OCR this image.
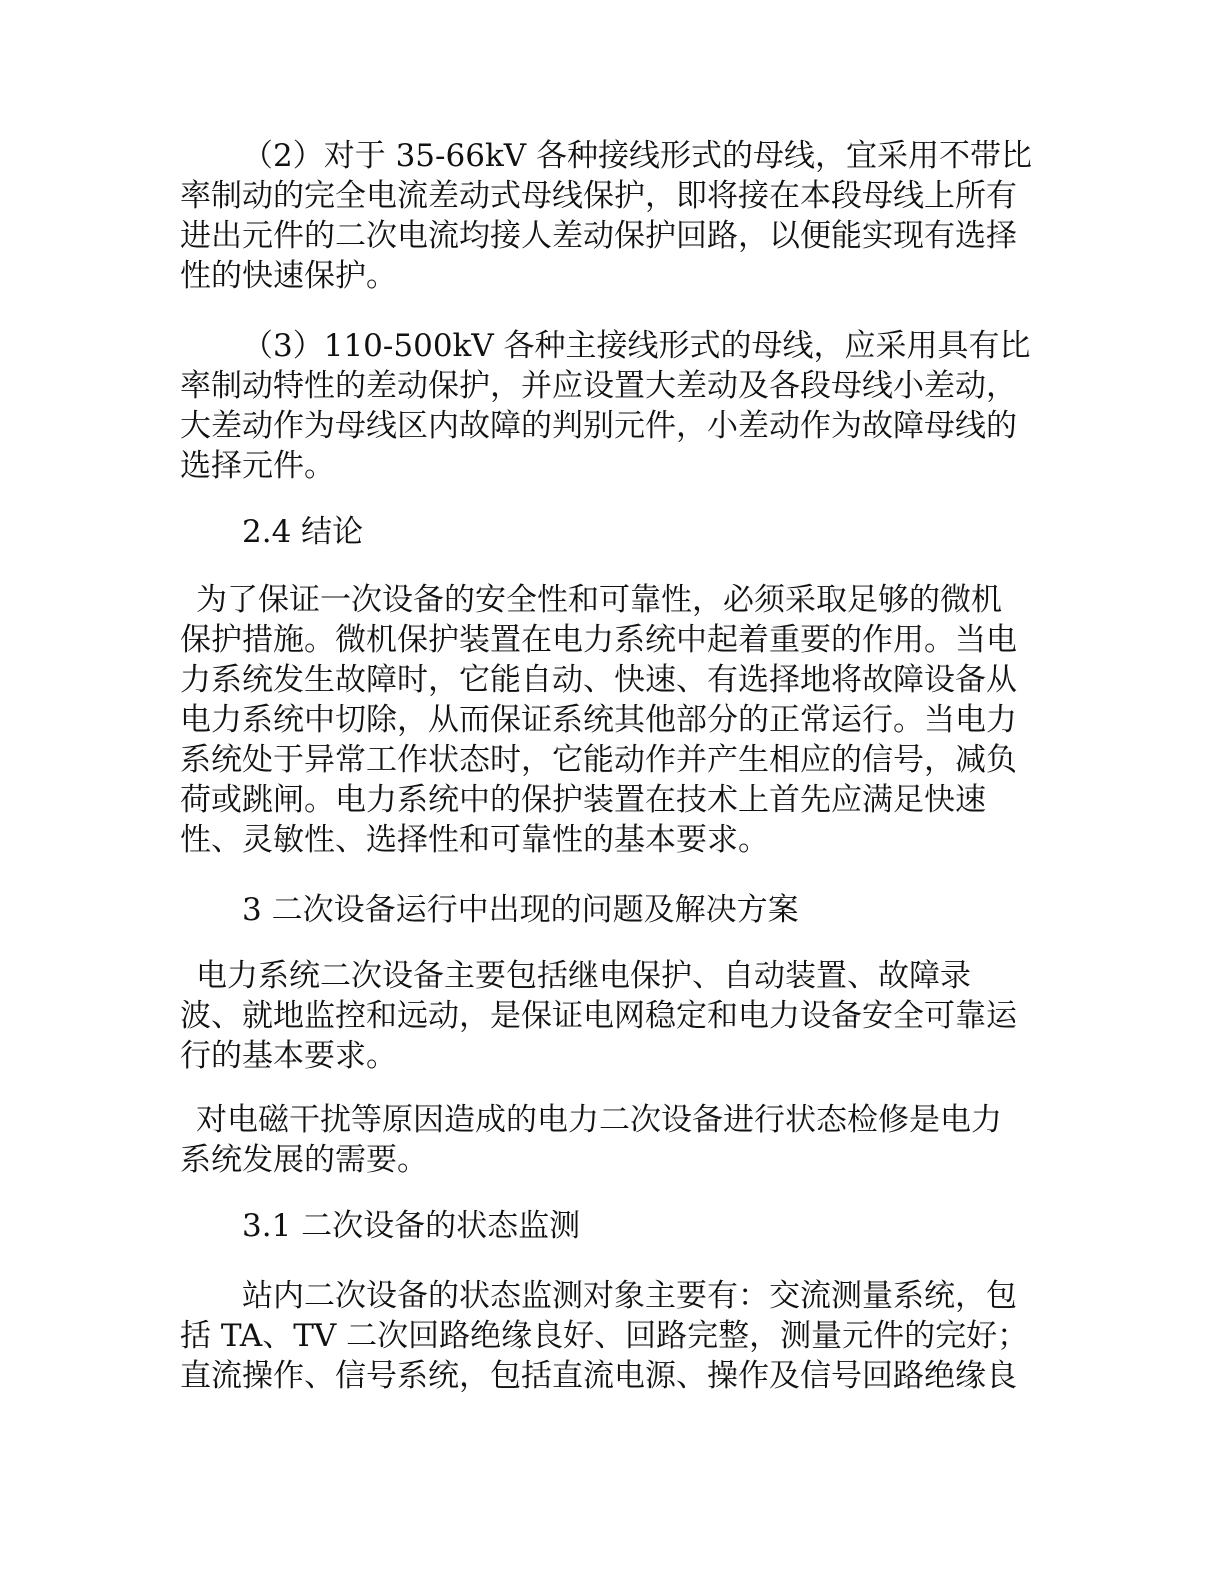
（2）对于 35-66kV 各种接线形式的母线，宜采用不带比
率制动的完全电流差动式母线保护，即将接在本段母线上所有
进出元件的二次电流均接人差动保护回路，以便能实现有选择
性的快速保护。
（3）110-500kV 各种主接线形式的母线，应采用具有比
率制动特性的差动保护，并应设置大差动及各段母线小差动，
大差动作为母线区内故障的判别元件，小差动作为故障母线的
选择元件。
2.4 结论
为了保证一次设备的安全性和可靠性，必须采取足够的微机
保护措施。微机保护装置在电力系统中起着重要的作用。当电
力系统发生故障时，它能自动、快速、有选择地将故障设备从
电力系统中切除，从而保证系统其他部分的正常运行。当电力
系统处于异常工作状态时，它能动作并产生相应的信号，减负
荷或跳闸。电力系统中的保护装置在技术上首先应满足快速
性、灵敏性、选择性和可靠性的基本要求。
3 二次设备运行中出现的问题及解决方案
电力系统二次设备主要包括继电保护、自动装置、故障录
波、就地监控和远动，是保证电网稳定和电力设备安全可靠运
行的基本要求。
对电磁干扰等原因造成的电力二次设备进行状态检修是电力
系统发展的需要。
3.1 二次设备的状态监测
站内二次设备的状态监测对象主要有：交流测量系统，包
括 TA、TV 二次回路绝缘良好、回路完整，测量元件的完好；
直流操作、信号系统，包括直流电源、操作及信号回路绝缘良
